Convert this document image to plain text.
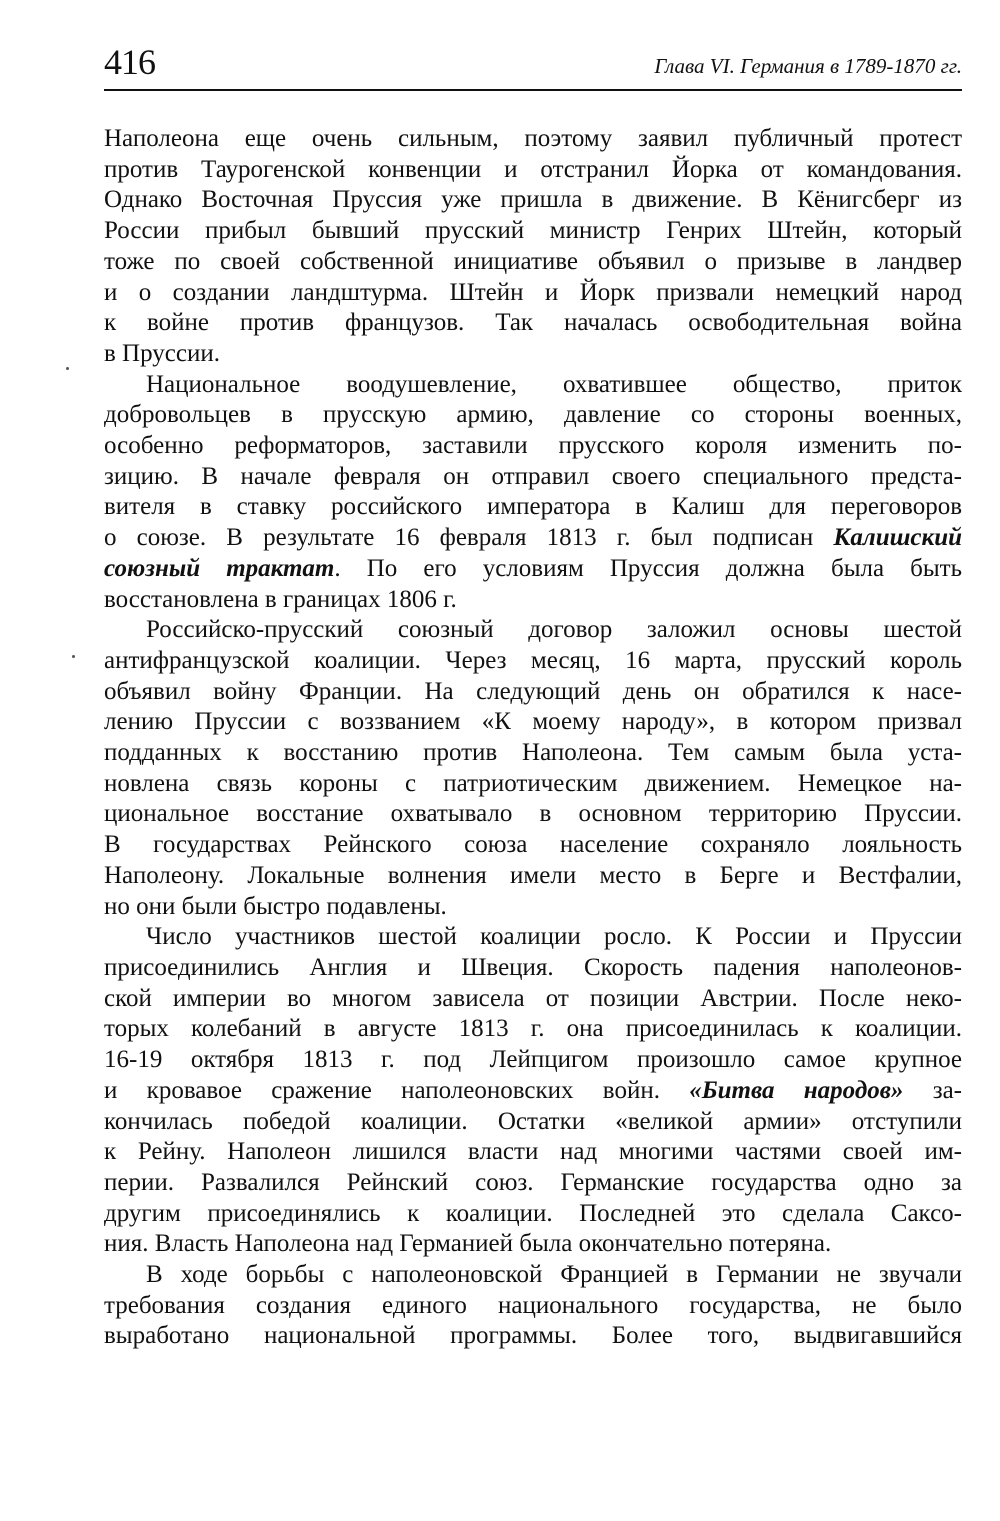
416	Глава VI. Германия в 1789-1870 гг.

Наполеона еще очень сильным, поэтому заявил публичный протест
против Таурогенской конвенции и отстранил Йорка от командования.
Однако Восточная Пруссия уже пришла в движение. В Кёнигсберг из
России прибыл бывший прусский министр Генрих Штейн, который
тоже по своей собственной инициативе объявил о призыве в ландвер
и о создании ландштурма. Штейн и Йорк призвали немецкий народ
к войне против французов. Так началась освободительная война
в Пруссии.

Национальное воодушевление, охватившее общество, приток
добровольцев в прусскую армию, давление со стороны военных,
особенно реформаторов, заставили прусского короля изменить по-
зицию. В начале февраля он отправил своего специального предста-
вителя в ставку российского императора в Калиш для переговоров
о союзе. В результате 16 февраля 1813 г. был подписан Калишский
союзный трактат. По его условиям Пруссия должна была быть
восстановлена в границах 1806 г.

Российско-прусский союзный договор заложил основы шестой
антифранцузской коалиции. Через месяц, 16 марта, прусский король
объявил войну Франции. На следующий день он обратился к насе-
лению Пруссии с воззванием «К моему народу», в котором призвал
подданных к восстанию против Наполеона. Тем самым была уста-
новлена связь короны с патриотическим движением. Немецкое на-
циональное восстание охватывало в основном территорию Пруссии.
В государствах Рейнского союза население сохраняло лояльность
Наполеону. Локальные волнения имели место в Берге и Вестфалии,
но они были быстро подавлены.

Число участников шестой коалиции росло. К России и Пруссии
присоединились Англия и Швеция. Скорость падения наполеонов-
ской империи во многом зависела от позиции Австрии. После неко-
торых колебаний в августе 1813 г. она присоединилась к коалиции.
16-19 октября 1813 г. под Лейпцигом произошло самое крупное
и кровавое сражение наполеоновских войн. «Битва народов» за-
кончилась победой коалиции. Остатки «великой армии» отступили
к Рейну. Наполеон лишился власти над многими частями своей им-
перии. Развалился Рейнский союз. Германские государства одно за
другим присоединялись к коалиции. Последней это сделала Саксо-
ния. Власть Наполеона над Германией была окончательно потеряна.

В ходе борьбы с наполеоновской Францией в Германии не звучали
требования создания единого национального государства, не было
выработано национальной программы. Более того, выдвигавшийся
